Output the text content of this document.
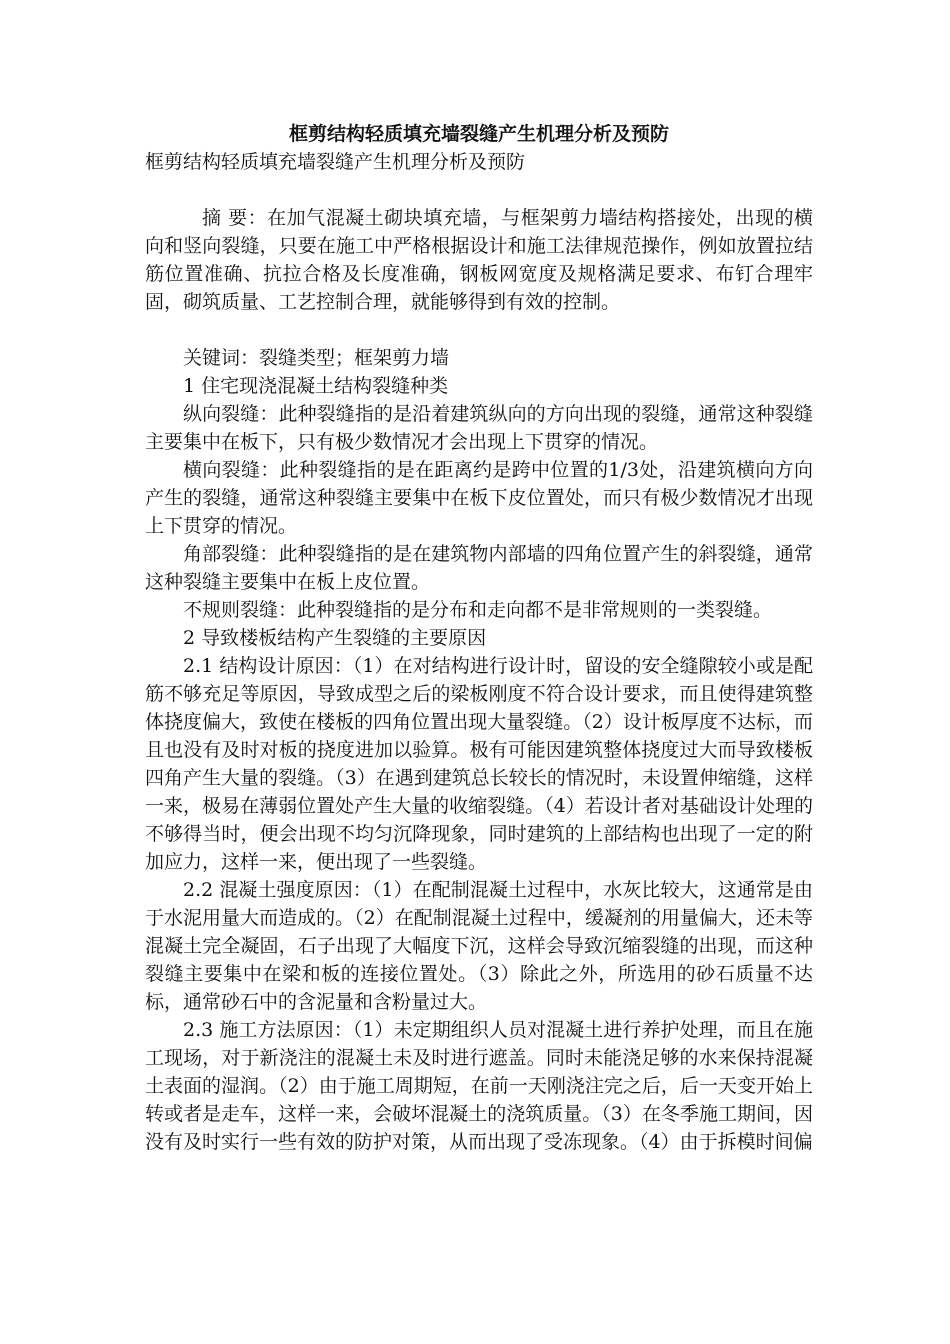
框剪结构轻质填充墙裂缝产生机理分析及预防

框剪结构轻质填充墙裂缝产生机理分析及预防

摘 要：在加气混凝土砌块填充墙，与框架剪力墙结构搭接处，出现的横向和竖向裂缝，只要在施工中严格根据设计和施工法律规范操作，例如放置拉结筋位置准确、抗拉合格及长度准确，钢板网宽度及规格满足要求、布钉合理牢固，砌筑质量、工艺控制合理，就能够得到有效的控制。

关键词：裂缝类型；框架剪力墙

1 住宅现浇混凝土结构裂缝种类

纵向裂缝：此种裂缝指的是沿着建筑纵向的方向出现的裂缝，通常这种裂缝主要集中在板下，只有极少数情况才会出现上下贯穿的情况。

横向裂缝：此种裂缝指的是在距离约是跨中位置的1/3处，沿建筑横向方向产生的裂缝，通常这种裂缝主要集中在板下皮位置处，而只有极少数情况才出现上下贯穿的情况。

角部裂缝：此种裂缝指的是在建筑物内部墙的四角位置产生的斜裂缝，通常这种裂缝主要集中在板上皮位置。

不规则裂缝：此种裂缝指的是分布和走向都不是非常规则的一类裂缝。

2 导致楼板结构产生裂缝的主要原因

2.1 结构设计原因：（1）在对结构进行设计时，留设的安全缝隙较小或是配筋不够充足等原因，导致成型之后的梁板刚度不符合设计要求，而且使得建筑整体挠度偏大，致使在楼板的四角位置出现大量裂缝。（2）设计板厚度不达标，而且也没有及时对板的挠度进加以验算。极有可能因建筑整体挠度过大而导致楼板四角产生大量的裂缝。（3）在遇到建筑总长较长的情况时，未设置伸缩缝，这样一来，极易在薄弱位置处产生大量的收缩裂缝。（4）若设计者对基础设计处理的不够得当时，便会出现不均匀沉降现象，同时建筑的上部结构也出现了一定的附加应力，这样一来，便出现了一些裂缝。

2.2 混凝土强度原因：（1）在配制混凝土过程中，水灰比较大，这通常是由于水泥用量大而造成的。（2）在配制混凝土过程中，缓凝剂的用量偏大，还未等混凝土完全凝固，石子出现了大幅度下沉，这样会导致沉缩裂缝的出现，而这种裂缝主要集中在梁和板的连接位置处。（3）除此之外，所选用的砂石质量不达标，通常砂石中的含泥量和含粉量过大。

2.3 施工方法原因：（1）未定期组织人员对混凝土进行养护处理，而且在施工现场，对于新浇注的混凝土未及时进行遮盖。同时未能浇足够的水来保持混凝土表面的湿润。（2）由于施工周期短，在前一天刚浇注完之后，后一天变开始上转或者是走车，这样一来，会破坏混凝土的浇筑质量。（3）在冬季施工期间，因没有及时实行一些有效的防护对策，从而出现了受冻现象。（4）由于拆模时间偏
